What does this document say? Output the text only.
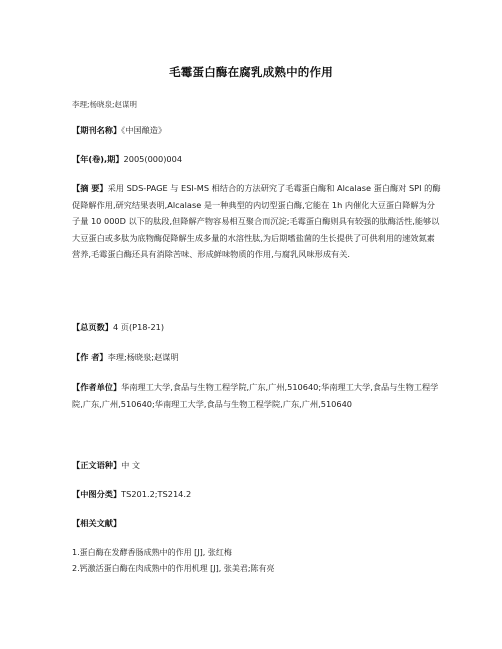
毛霉蛋白酶在腐乳成熟中的作用
李理;杨晓泉;赵谋明
【期刊名称】《中国酿造》
【年(卷),期】2005(000)004
【摘 要】采用 SDS-PAGE 与 ESI-MS 相结合的方法研究了毛霉蛋白酶和 Alcalase 蛋白酶对 SPI 的酶促降解作用,研究结果表明,Alcalase 是一种典型的内切型蛋白酶,它能在 1h 内催化大豆蛋白降解为分子量 10 000D 以下的肽段,但降解产物容易相互聚合而沉淀;毛霉蛋白酶则具有较强的肽酶活性,能够以大豆蛋白或多肽为底物酶促降解生成多量的水溶性肽,为后期嗜盐菌的生长提供了可供利用的速效氮素营养,毛霉蛋白酶还具有消除苦味、形成鲜味物质的作用,与腐乳风味形成有关.
【总页数】4 页(P18-21)
【作 者】李理;杨晓泉;赵谋明
【作者单位】华南理工大学,食品与生物工程学院,广东,广州,510640;华南理工大学,食品与生物工程学院,广东,广州,510640;华南理工大学,食品与生物工程学院,广东,广州,510640
【正文语种】中 文
【中图分类】TS201.2;TS214.2
【相关文献】
1.蛋白酶在发酵香肠成熟中的作用 [J], 张红梅
2.钙激活蛋白酶在肉成熟中的作用机理 [J], 张美君;陈有亮
